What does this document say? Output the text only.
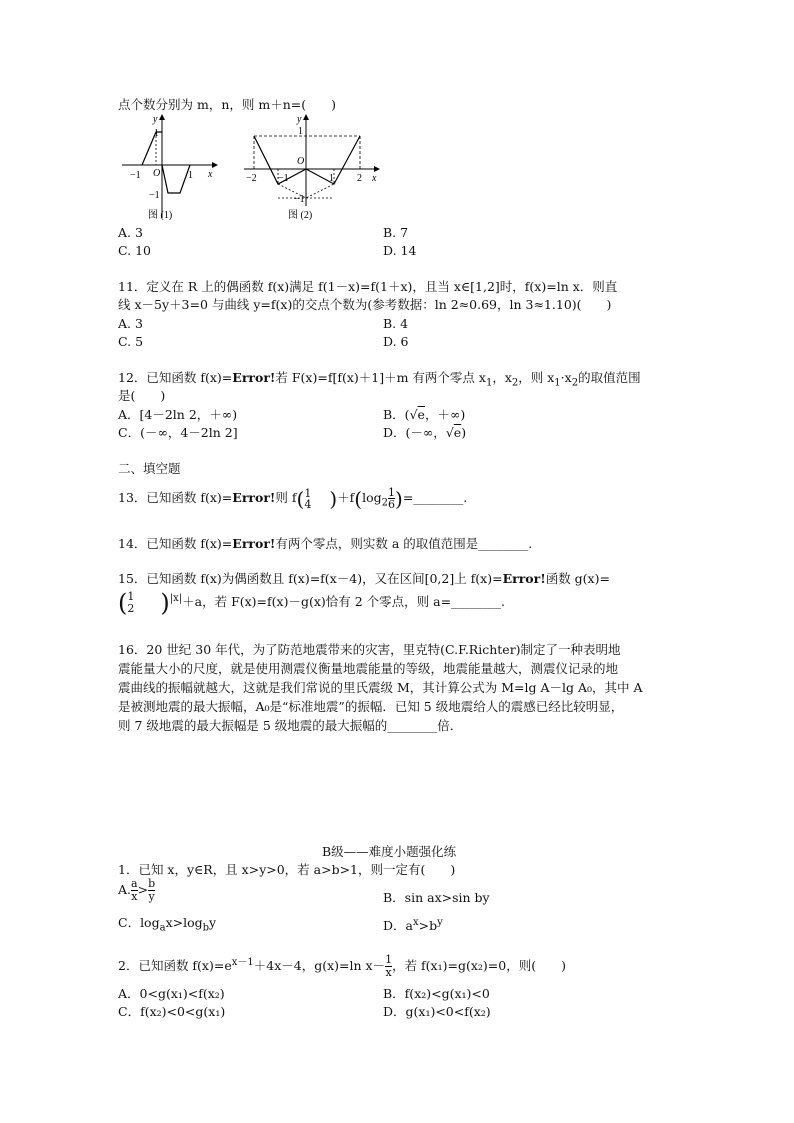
点个数分别为 m，n，则 m＋n=(　　)
y
x
O
−1	1
1
−1
图 (1)
y
x
O
−2 −1	1 2
1
−1
图 (2)
A. 3	B. 7
C. 10	D. 14
11．定义在 R 上的偶函数 f(x)满足 f(1－x)=f(1＋x)，且当 x∈[1,2]时，f(x)=ln x．则直
线 x－5y＋3=0 与曲线 y=f(x)的交点个数为(参考数据：ln 2≈0.69，ln 3≈1.10)(　　)
A. 3	B. 4
C. 5	D. 6
12．已知函数 f(x)=Error!若 F(x)=f[f(x)＋1]＋m 有两个零点 $x_1$，$x_2$，则 $x_1\cdot x_2$的取值范围
是(　　)
A．[4－2ln 2，＋∞)	B．(√e，＋∞)
C．(－∞，4－2ln 2]	D．(－∞，√e)
二、填空题
13．已知函数 f(x)=Error!则 f( 1
4 )$+f(\log_2 \frac{1}{6}$ )=________.
14．已知函数 f(x)=Error!有两个零点，则实数 a 的取值范围是________.
15．已知函数 f(x)为偶函数且 f(x)=f(x－4)，又在区间[0,2]上 f(x)=Error!函数 g(x)=
( 1
2 )$^{|x|}$＋a，若 F(x)=f(x)－g(x)恰有 2 个零点，则 a=________.
16．20 世纪 30 年代，为了防范地震带来的灾害，里克特(C.F.Richter)制定了一种表明地
震能量大小的尺度，就是使用测震仪衡量地震能量的等级，地震能量越大，测震仪记录的地
震曲线的振幅就越大，这就是我们常说的里氏震级 M，其计算公式为 M=lg A－lg A₀，其中 A
是被测地震的最大振幅，A₀是“标准地震”的振幅．已知 5 级地震给人的震感已经比较明显，
则 7 级地震的最大振幅是 5 级地震的最大振幅的________倍．
B级——难度小题强化练
1．已知 x，y∈R，且 x>y>0，若 a>b>1，则一定有(　　)
A. $\frac{a}{x} > \frac{b}{y}$	B．sin ax>sin by
C．$\log_ax>\log_by$	D．$a^x>b^y$
2．已知函数 $f(x)=e^{x-1}+4x-4$，g(x)=ln $x- \frac{1}{x}$ ，若 f(x₁)=g(x₂)=0，则(　　)
A．0<g(x₁)<f(x₂)	B．f(x₂)<g(x₁)<0
C．f(x₂)<0<g(x₁)	D．g(x₁)<0<f(x₂)
